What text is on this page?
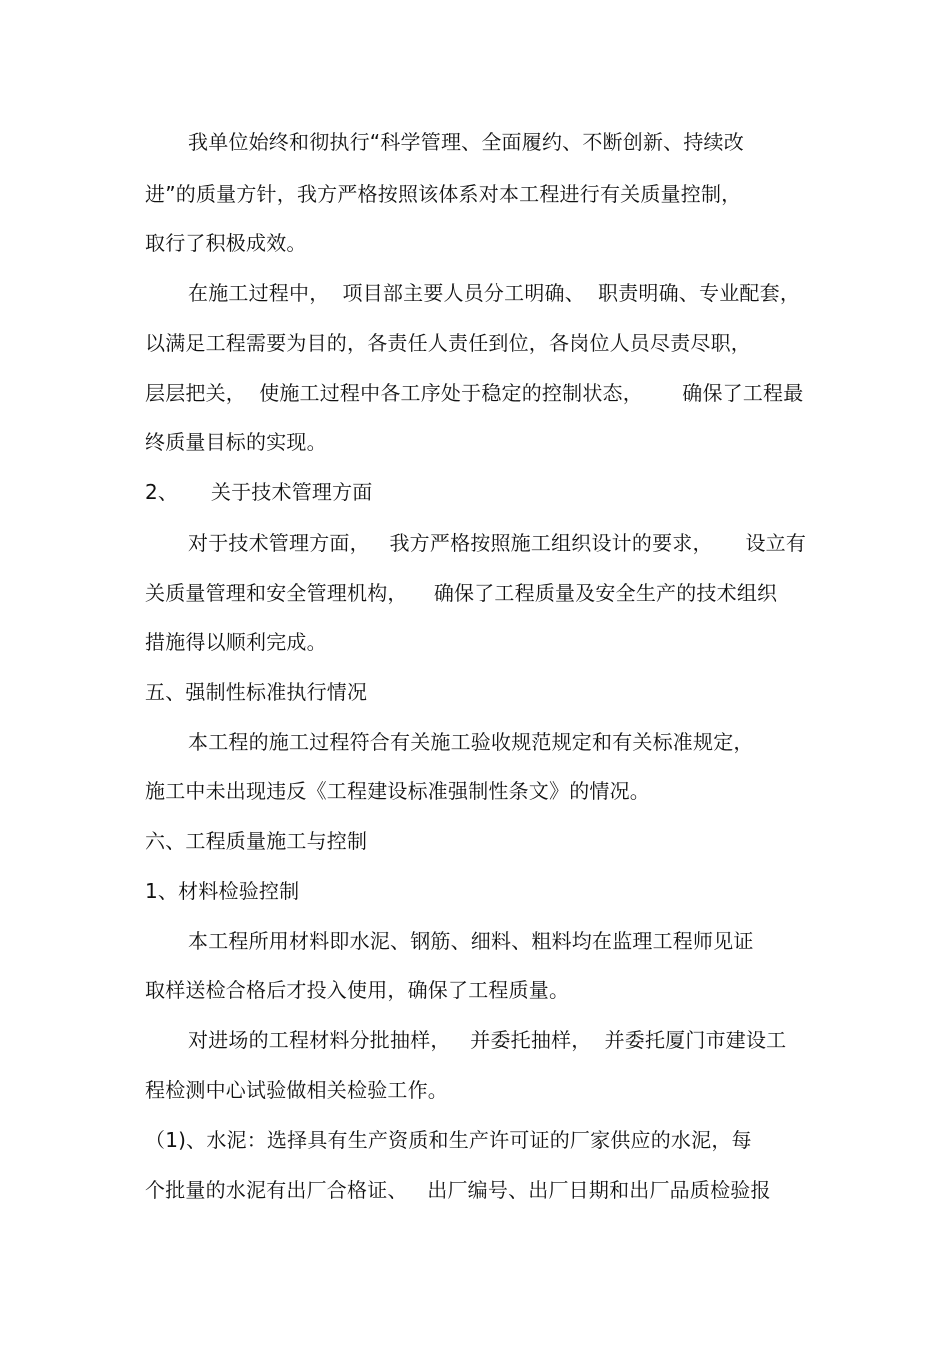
我单位始终和彻执行“科学管理、全面履约、不断创新、持续改
进”的质量方针，我方严格按照该体系对本工程进行有关质量控制，
取行了积极成效。
在施工过程中，  项目部主要人员分工明确、  职责明确、专业配套，
以满足工程需要为目的，各责任人责任到位，各岗位人员尽责尽职，
层层把关，  使施工过程中各工序处于稳定的控制状态，      确保了工程最
终质量目标的实现。
2、     关于技术管理方面
对于技术管理方面，   我方严格按照施工组织设计的要求，     设立有
关质量管理和安全管理机构，    确保了工程质量及安全生产的技术组织
措施得以顺利完成。
五、强制性标准执行情况
本工程的施工过程符合有关施工验收规范规定和有关标准规定，
施工中未出现违反《工程建设标准强制性条文》的情况。
六、工程质量施工与控制
1、材料检验控制
本工程所用材料即水泥、钢筋、细料、粗料均在监理工程师见证
取样送检合格后才投入使用，确保了工程质量。
对进场的工程材料分批抽样，   并委托抽样，  并委托厦门市建设工
程检测中心试验做相关检验工作。
（1)、水泥：选择具有生产资质和生产许可证的厂家供应的水泥，每
个批量的水泥有出厂合格证、   出厂编号、出厂日期和出厂品质检验报
